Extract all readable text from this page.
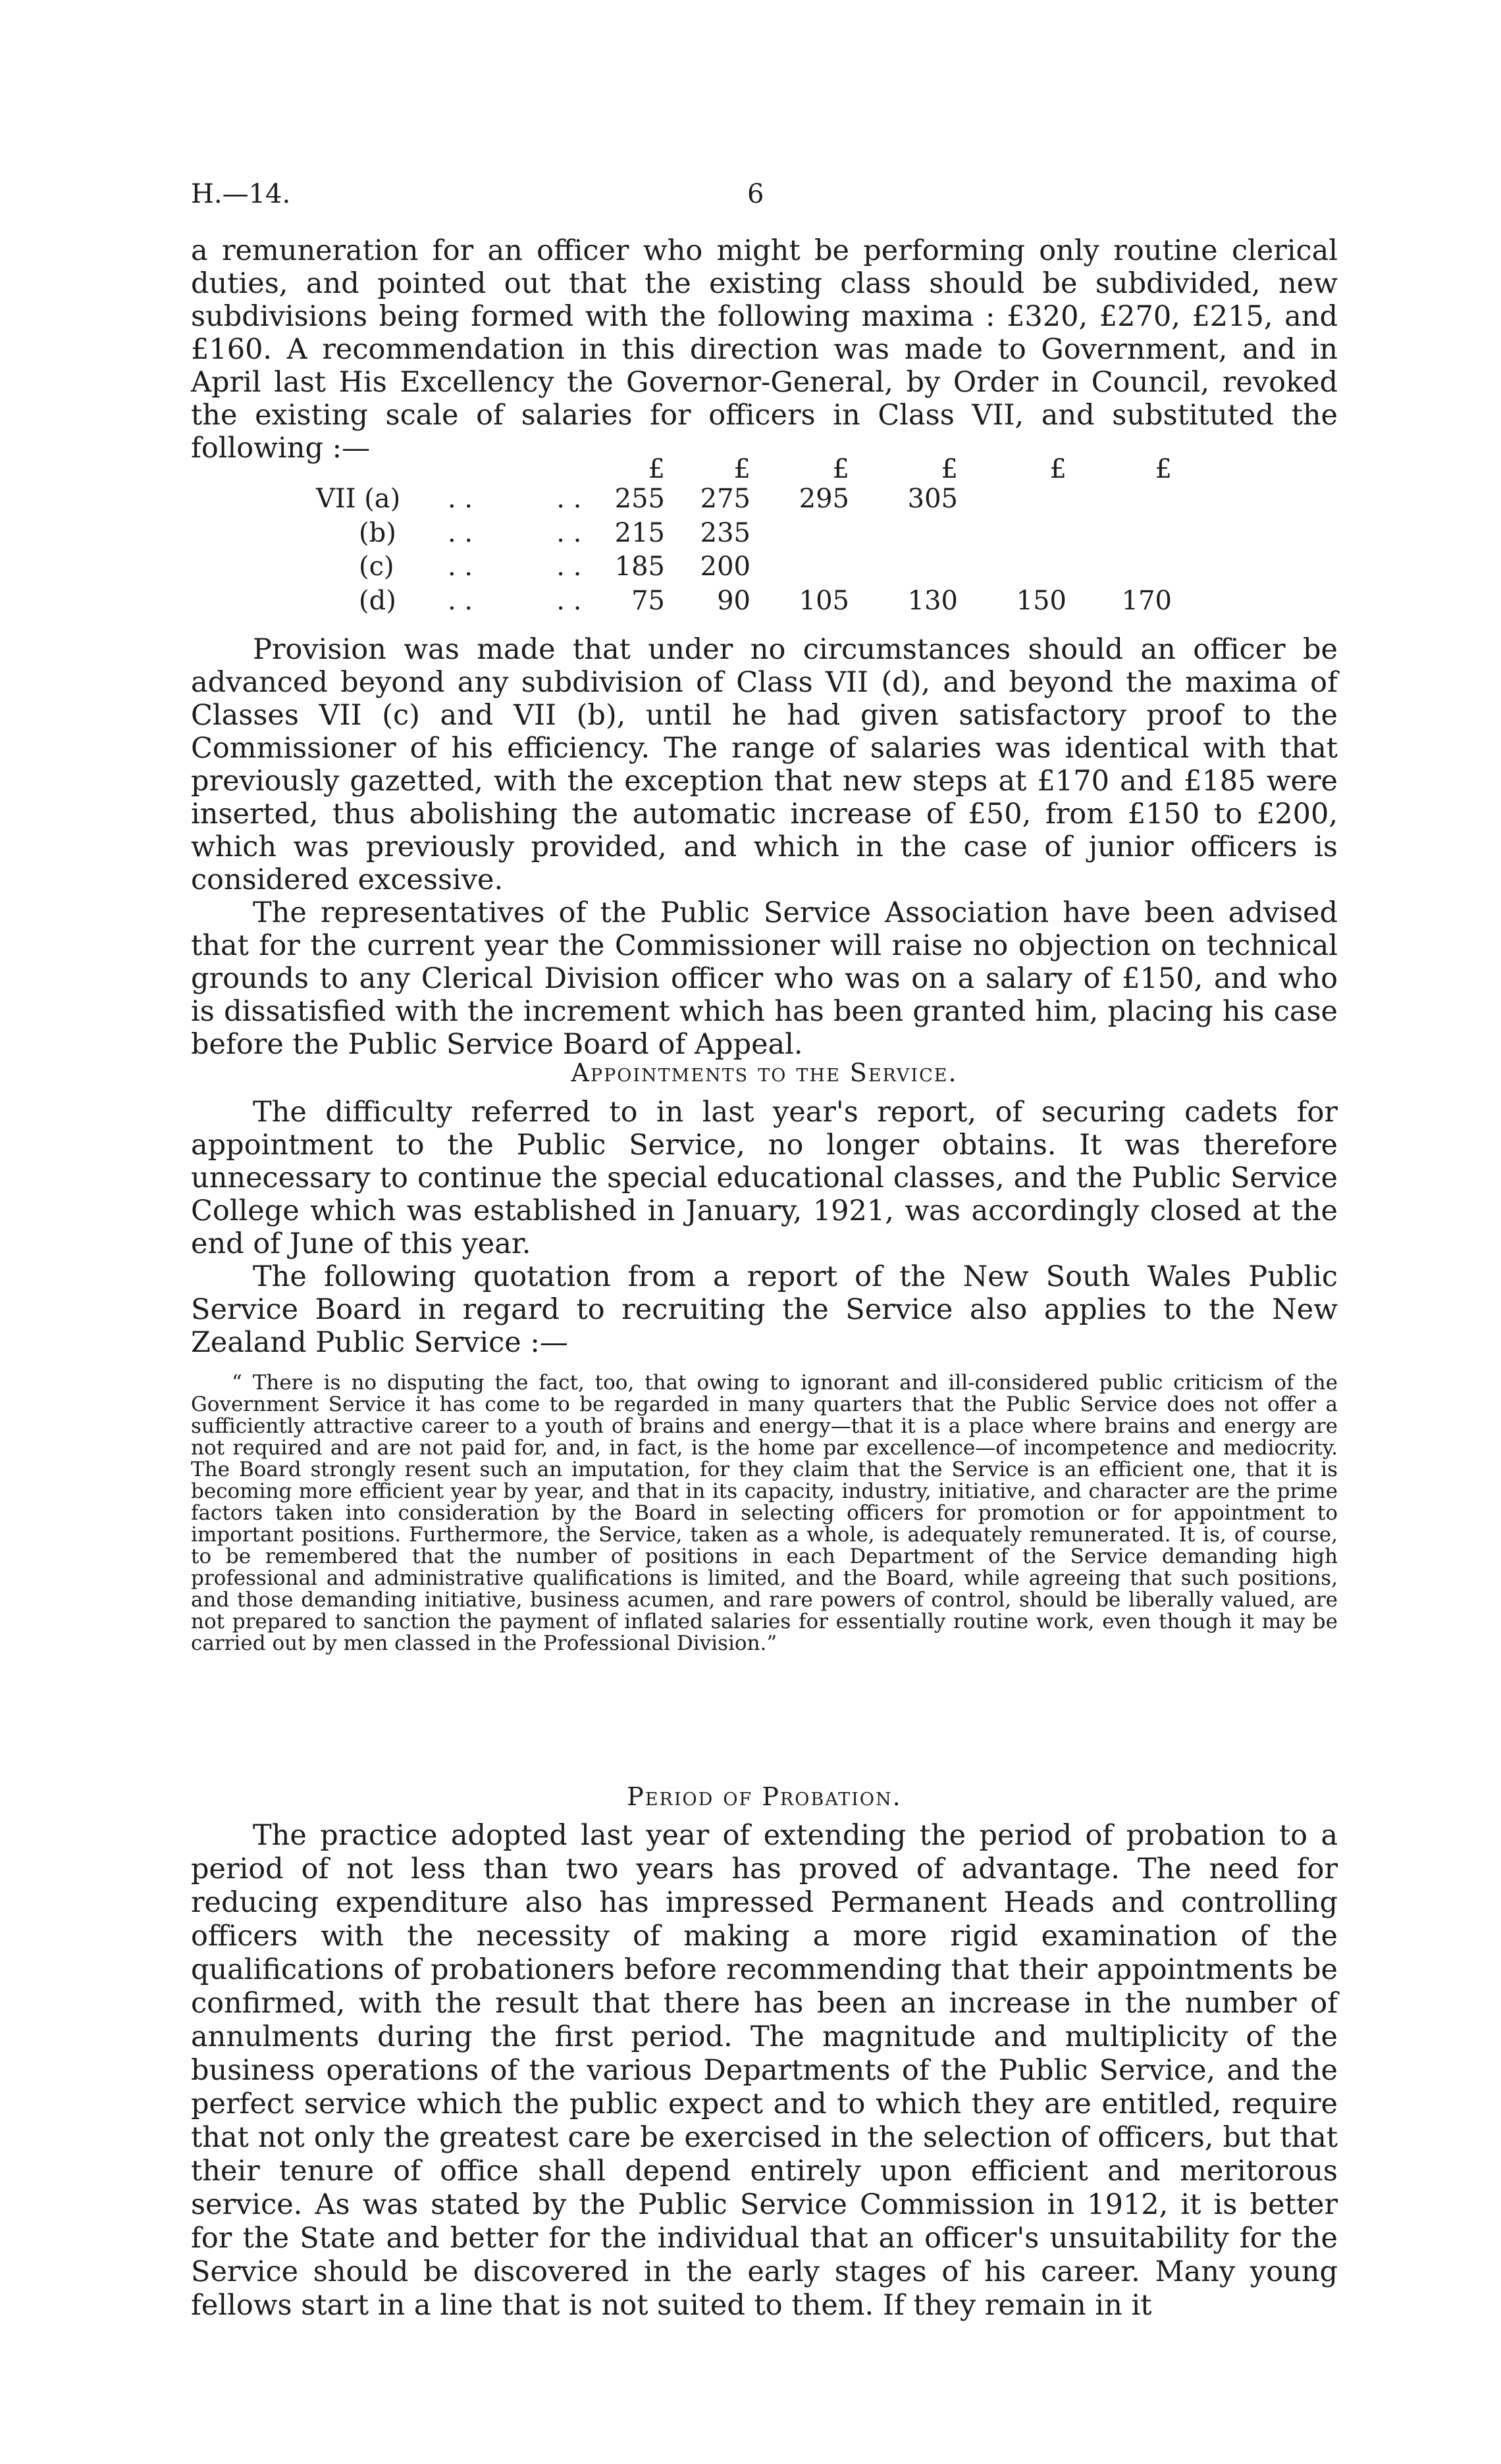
H.—14.	6

a remuneration for an officer who might be performing only routine clerical duties, and pointed out that the existing class should be subdivided, new subdivisions being formed with the following maxima : £320, £270, £215, and £160. A recommendation in this direction was made to Government, and in April last His Excellency the Governor-General, by Order in Council, revoked the existing scale of salaries for officers in Class VII, and substituted the following :—

£	£	£	£	£	£
VII (a) . .          . .	255	275	295	305
(b) . .          . .	215	235
(c) . .          . .	185	200
(d) . .          . .	75	90	105	130	150	170

Provision was made that under no circumstances should an officer be advanced beyond any subdivision of Class VII (d), and beyond the maxima of Classes VII (c) and VII (b), until he had given satisfactory proof to the Commissioner of his efficiency. The range of salaries was identical with that previously gazetted, with the exception that new steps at £170 and £185 were inserted, thus abolishing the automatic increase of £50, from £150 to £200, which was previously provided, and which in the case of junior officers is considered excessive.

The representatives of the Public Service Association have been advised that for the current year the Commissioner will raise no objection on technical grounds to any Clerical Division officer who was on a salary of £150, and who is dissatisfied with the increment which has been granted him, placing his case before the Public Service Board of Appeal.

Appointments to the Service.

The difficulty referred to in last year's report, of securing cadets for appointment to the Public Service, no longer obtains. It was therefore unnecessary to continue the special educational classes, and the Public Service College which was established in January, 1921, was accordingly closed at the end of June of this year.

The following quotation from a report of the New South Wales Public Service Board in regard to recruiting the Service also applies to the New Zealand Public Service :—

“ There is no disputing the fact, too, that owing to ignorant and ill-considered public criticism of the Government Service it has come to be regarded in many quarters that the Public Service does not offer a sufficiently attractive career to a youth of brains and energy—that it is a place where brains and energy are not required and are not paid for, and, in fact, is the home par excellence—of incompetence and mediocrity. The Board strongly resent such an imputation, for they claim that the Service is an efficient one, that it is becoming more efficient year by year, and that in its capacity, industry, initiative, and character are the prime factors taken into consideration by the Board in selecting officers for promotion or for appointment to important positions. Furthermore, the Service, taken as a whole, is adequately remunerated. It is, of course, to be remembered that the number of positions in each Department of the Service demanding high professional and administrative qualifications is limited, and the Board, while agreeing that such positions, and those demanding initiative, business acumen, and rare powers of control, should be liberally valued, are not prepared to sanction the payment of inflated salaries for essentially routine work, even though it may be carried out by men classed in the Professional Division.”

Period of Probation.

The practice adopted last year of extending the period of probation to a period of not less than two years has proved of advantage. The need for reducing expenditure also has impressed Permanent Heads and controlling officers with the necessity of making a more rigid examination of the qualifications of probationers before recommending that their appointments be confirmed, with the result that there has been an increase in the number of annulments during the first period. The magnitude and multiplicity of the business operations of the various Departments of the Public Service, and the perfect service which the public expect and to which they are entitled, require that not only the greatest care be exercised in the selection of officers, but that their tenure of office shall depend entirely upon efficient and meritorous service. As was stated by the Public Service Commission in 1912, it is better for the State and better for the individual that an officer's unsuitability for the Service should be discovered in the early stages of his career. Many young fellows start in a line that is not suited to them. If they remain in it
